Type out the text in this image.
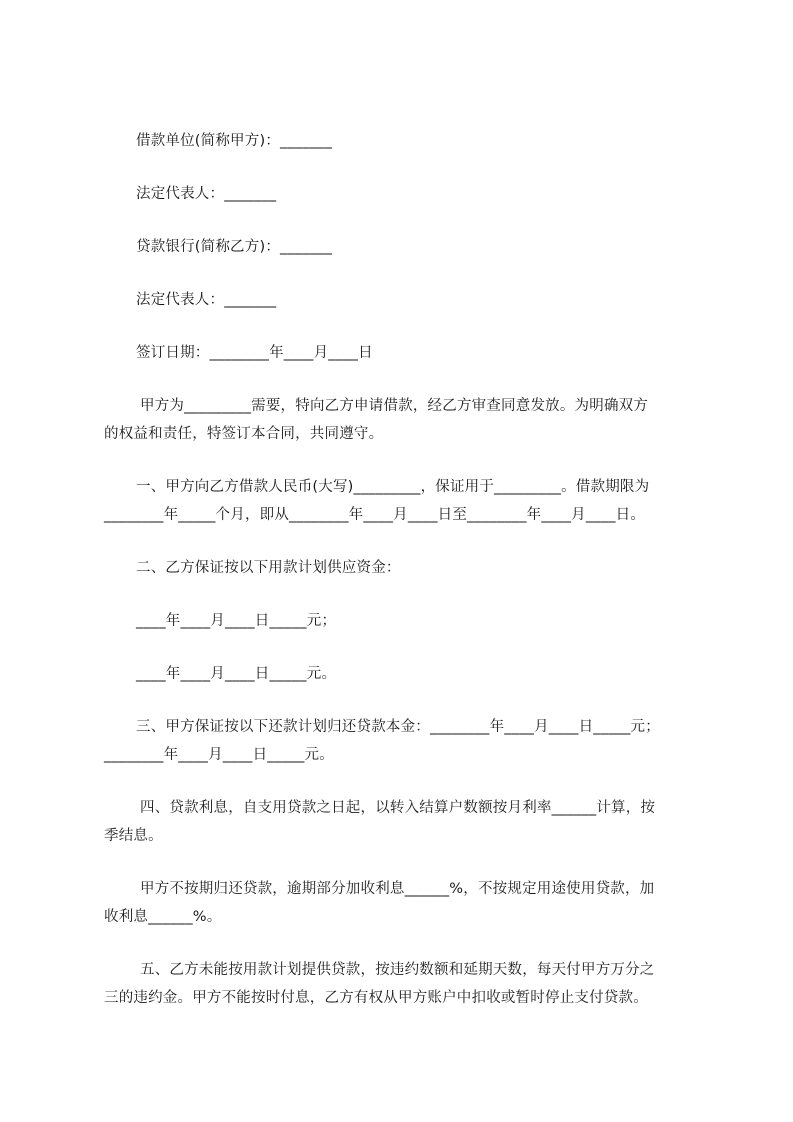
借款单位(简称甲方)：_______
法定代表人：_______
贷款银行(简称乙方)：_______
法定代表人：_______
签订日期：________年____月____日
甲方为_________需要，特向乙方申请借款，经乙方审查同意发放。为明确双方
的权益和责任，特签订本合同，共同遵守。
一、甲方向乙方借款人民币(大写)_________，保证用于_________。借款期限为
________年_____个月，即从________年____月____日至________年____月____日。
二、乙方保证按以下用款计划供应资金：
____年____月____日_____元；
____年____月____日_____元。
三、甲方保证按以下还款计划归还贷款本金：________年____月____日_____元；
________年____月____日_____元。
四、贷款利息，自支用贷款之日起，以转入结算户数额按月利率______计算，按
季结息。
甲方不按期归还贷款，逾期部分加收利息______%，不按规定用途使用贷款，加
收利息______%。
五、乙方未能按用款计划提供贷款，按违约数额和延期天数，每天付甲方万分之
三的违约金。甲方不能按时付息，乙方有权从甲方账户中扣收或暂时停止支付贷款。
